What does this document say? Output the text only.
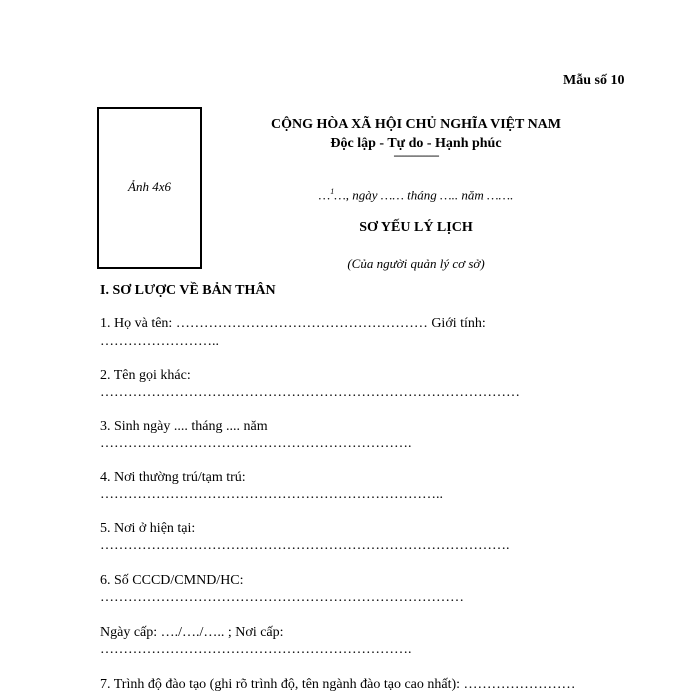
Mẫu số 10
Ảnh 4x6
CỘNG HÒA XÃ HỘI CHỦ NGHĨA VIỆT NAM
Độc lập - Tự do - Hạnh phúc
---------------
…$^1$…, ngày …… tháng ….. năm …….
SƠ YẾU LÝ LỊCH
(Của người quản lý cơ sở)
I. SƠ LƯỢC VỀ BẢN THÂN
1. Họ và tên: ……………………………………………… Giới tính:
……………………..
2. Tên gọi khác:
………………………………………………………………………………
3. Sinh ngày .... tháng .... năm
………………………………………………………….
4. Nơi thường trú/tạm trú:
………………………………………………………………..
5. Nơi ở hiện tại:
…………………………………………………………………………….
6. Số CCCD/CMND/HC:
……………………………………………………………………
Ngày cấp: …./…./….. ; Nơi cấp:
………………………………………………………….
7. Trình độ đào tạo (ghi rõ trình độ, tên ngành đào tạo cao nhất): ……………………
